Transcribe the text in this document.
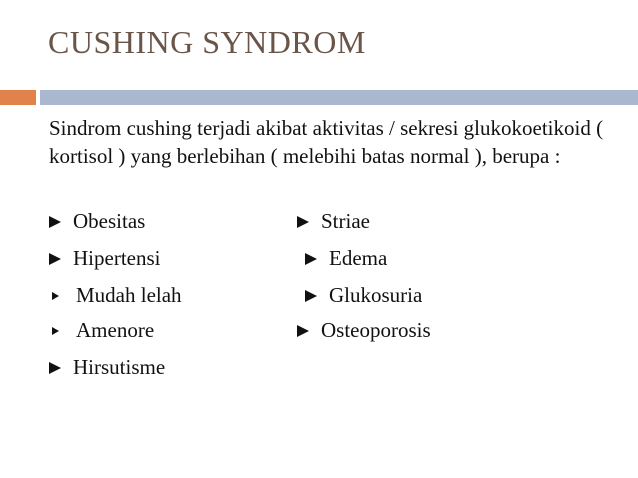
CUSHING SYNDROM
Sindrom cushing terjadi akibat aktivitas / sekresi glukokoetikoid ( kortisol ) yang berlebihan ( melebihi batas normal ), berupa :
Obesitas
Hipertensi
Mudah lelah
Amenore
Hirsutisme
Striae
Edema
Glukosuria
Osteoporosis
